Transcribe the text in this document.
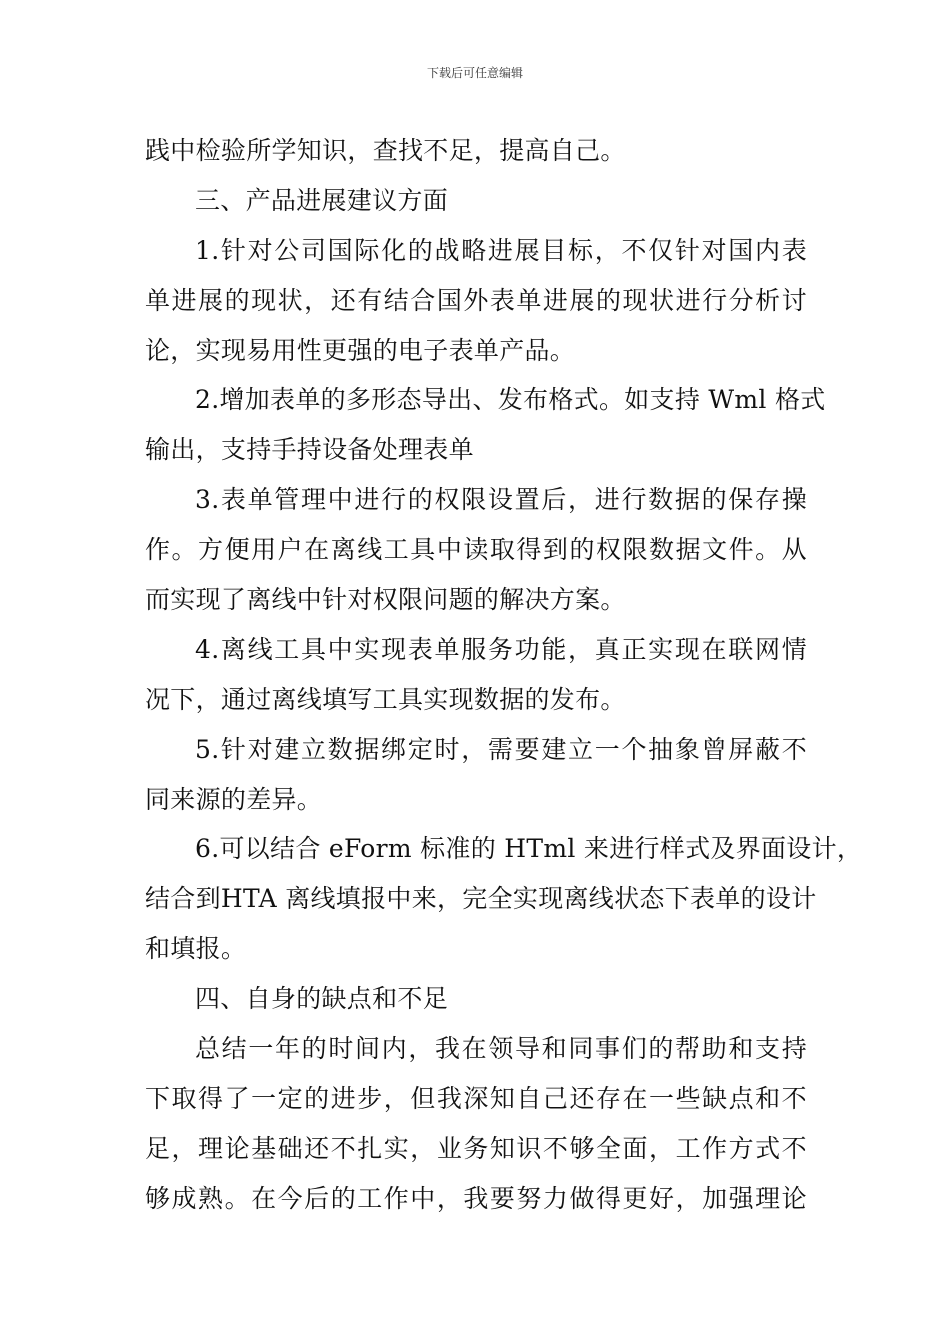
下载后可任意编辑
践中检验所学知识，查找不足，提高自己。
三、产品进展建议方面
1.针对公司国际化的战略进展目标，不仅针对国内表
单进展的现状，还有结合国外表单进展的现状进行分析讨
论，实现易用性更强的电子表单产品。
2.增加表单的多形态导出、发布格式。如支持 Wml 格式
输出，支持手持设备处理表单
3.表单管理中进行的权限设置后，进行数据的保存操
作。方便用户在离线工具中读取得到的权限数据文件。从
而实现了离线中针对权限问题的解决方案。
4.离线工具中实现表单服务功能，真正实现在联网情
况下，通过离线填写工具实现数据的发布。
5.针对建立数据绑定时，需要建立一个抽象曾屏蔽不
同来源的差异。
6.可以结合 eForm 标准的 HTml 来进行样式及界面设计，
结合到HTA 离线填报中来，完全实现离线状态下表单的设计
和填报。
四、自身的缺点和不足
总结一年的时间内，我在领导和同事们的帮助和支持
下取得了一定的进步，但我深知自己还存在一些缺点和不
足，理论基础还不扎实，业务知识不够全面，工作方式不
够成熟。在今后的工作中，我要努力做得更好，加强理论
